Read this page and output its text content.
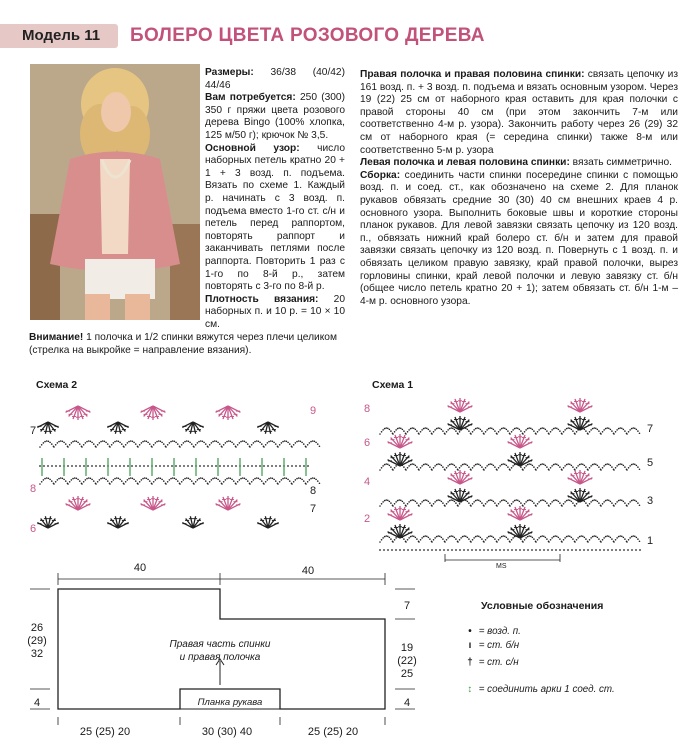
Модель 11 БОЛЕРО ЦВЕТА РОЗОВОГО ДЕРЕВА
Размеры: 36/38 (40/42) 44/46
Вам потребуется: 250 (300) 350 г пряжи цвета розового дерева Bingo (100% хлопка, 125 м/50 г); крючок № 3,5.
Основной узор: число наборных петель кратно 20 + 1 + 3 возд. п. подъема. Вязать по схеме 1. Каждый р. начинать с 3 возд. п. подъема вместо 1-го ст. с/н и петель перед раппортом, повторять раппорт и заканчивать петлями после раппорта. Повторить 1 раз с 1-го по 8-й р., затем повторять с 3-го по 8-й р.
Плотность вязания: 20 наборных п. и 10 р. = 10 × 10 см.
Внимание! 1 полочка и 1/2 спинки вяжутся через плечи целиком (стрелка на выкройке = направление вязания).
Правая полочка и правая половина спинки: связать цепочку из 161 возд. п. + 3 возд. п. подъема и вязать основным узором. Через 19 (22) 25 см от наборного края оставить для края полочки с правой стороны 40 см (при этом закончить 7-м или соответственно 4-м р. узора). Закончить работу через 26 (29) 32 см от наборного края (= середина спинки) также 8-м или соответственно 5-м р. узора
Левая полочка и левая половина спинки: вязать симметрично.
Сборка: соединить части спинки посередине спинки с помощью возд. п. и соед. ст., как обозначено на схеме 2. Для планок рукавов обвязать средние 30 (30) 40 см внешних краев 4 р. основного узора. Выполнить боковые швы и короткие стороны планок рукавов. Для левой завязки связать цепочку из 120 возд. п., обвязать нижний край болеро ст. б/н и затем для правой завязки связать цепочку из 120 возд. п. Повернуть с 1 возд. п. и обвязать целиком правую завязку, край правой полочки, вырез горловины спинки, край левой полочки и левую завязку ст. б/н (общее число петель кратно 20 + 1); затем обвязать ст. б/н 1-м – 4-м р. основного узора.
Схема 2
7
8
6
9
8
7
Схема 1
8
6
4
2
7
5
3
1
MS
40	40
26
(29)
32
4
7
19
(22)
25
4
Правая часть спинки
и правая полочка
Планка рукава
25 (25) 20	30 (30) 40	25 (25) 20
Условные обозначения
• = возд. п.
ı = ст. б/н
† = ст. с/н
↕ = соединить арки 1 соед. ст.
